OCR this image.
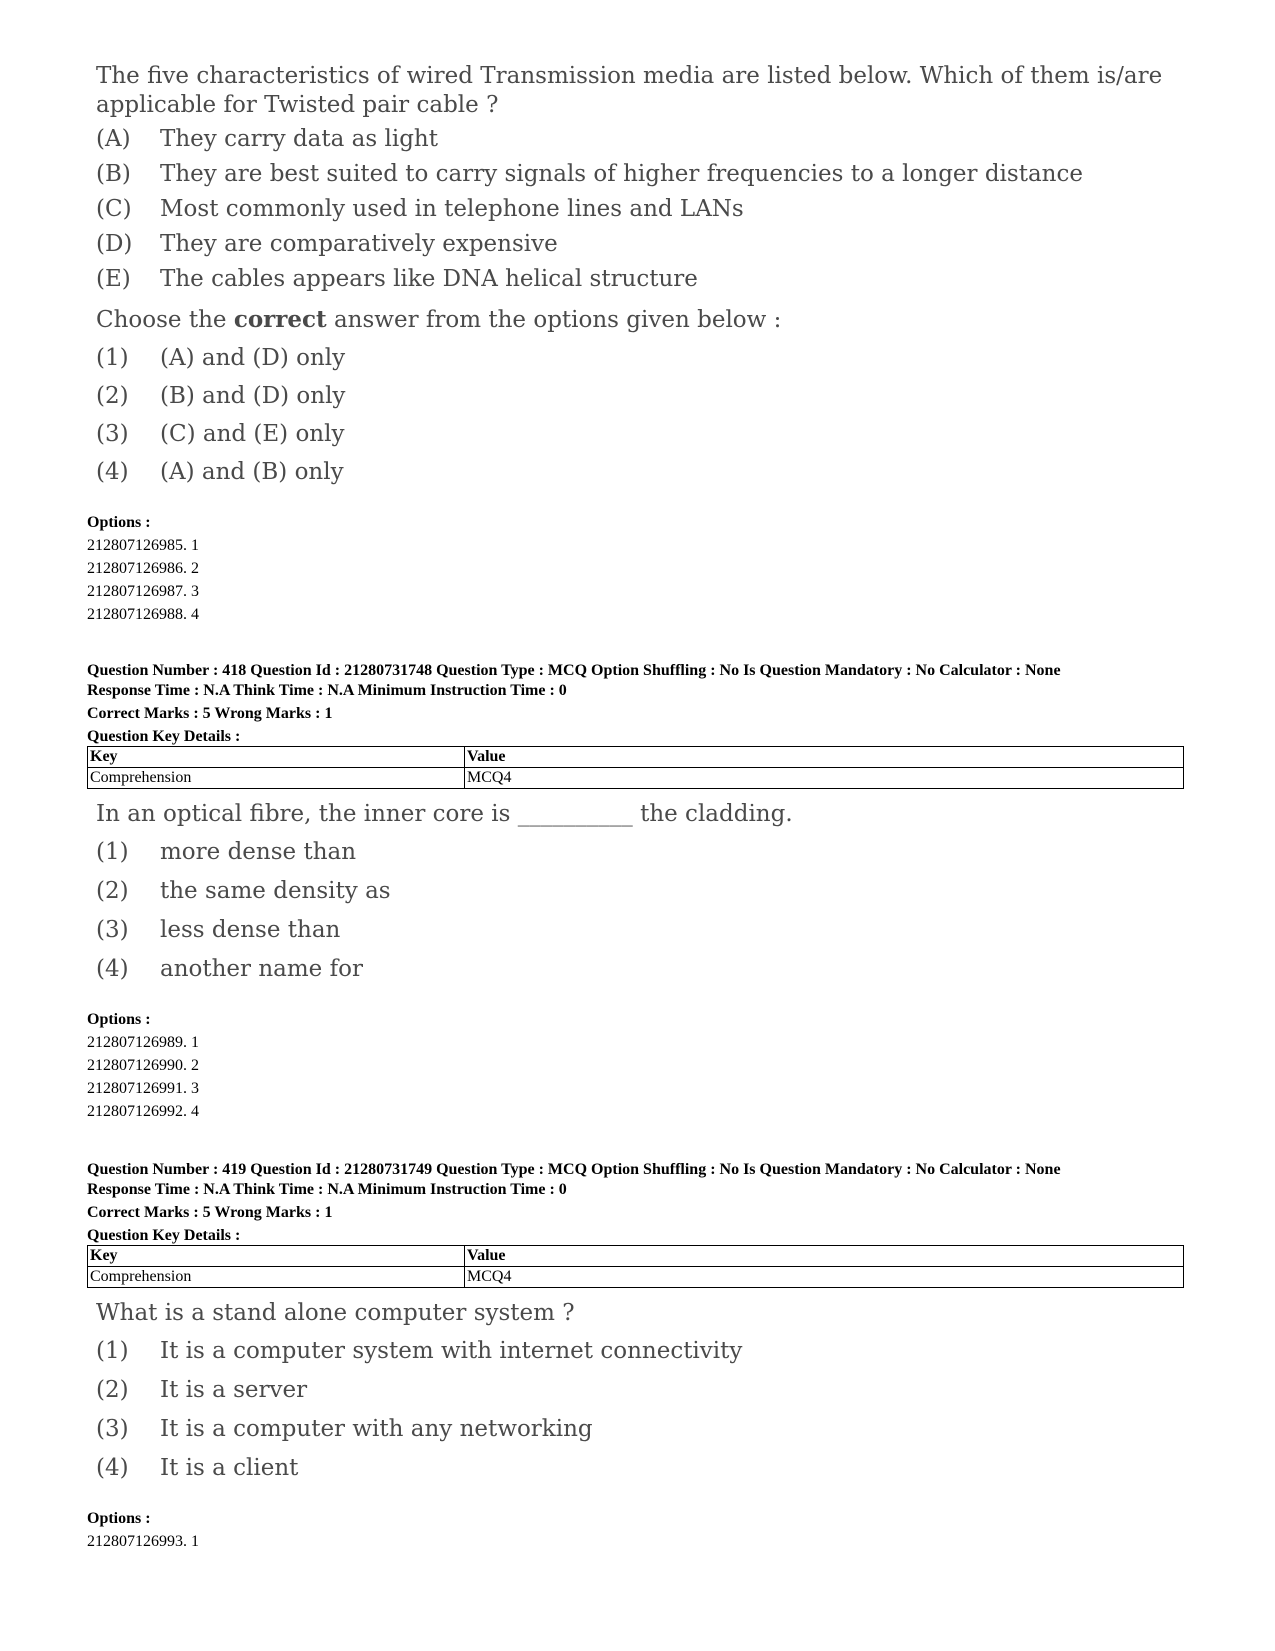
The five characteristics of wired Transmission media are listed below. Which of them is/are

applicable for Twisted pair cable ?

(A)	They carry data as light
(B)	They are best suited to carry signals of higher frequencies to a longer distance
(C)	Most commonly used in telephone lines and LANs
(D)	They are comparatively expensive
(E)	The cables appears like DNA helical structure

Choose the correct answer from the options given below :

(1)	(A) and (D) only
(2)	(B) and (D) only
(3)	(C) and (E) only
(4)	(A) and (B) only
Options :
212807126985. 1
212807126986. 2
212807126987. 3
212807126988. 4
Question Number : 418 Question Id : 21280731748 Question Type : MCQ Option Shuffling : No Is Question Mandatory : No Calculator : None
Response Time : N.A Think Time : N.A Minimum Instruction Time : 0
Correct Marks : 5 Wrong Marks : 1
Question Key Details :
Key	Value
Comprehension	MCQ4

In an optical fibre, the inner core is __________ the cladding.

(1)	more dense than
(2)	the same density as
(3)	less dense than
(4)	another name for
Options :
212807126989. 1
212807126990. 2
212807126991. 3
212807126992. 4
Question Number : 419 Question Id : 21280731749 Question Type : MCQ Option Shuffling : No Is Question Mandatory : No Calculator : None
Response Time : N.A Think Time : N.A Minimum Instruction Time : 0
Correct Marks : 5 Wrong Marks : 1
Question Key Details :
Key	Value
Comprehension	MCQ4

What is a stand alone computer system ?

(1)	It is a computer system with internet connectivity
(2)	It is a server
(3)	It is a computer with any networking
(4)	It is a client
Options :
212807126993. 1
